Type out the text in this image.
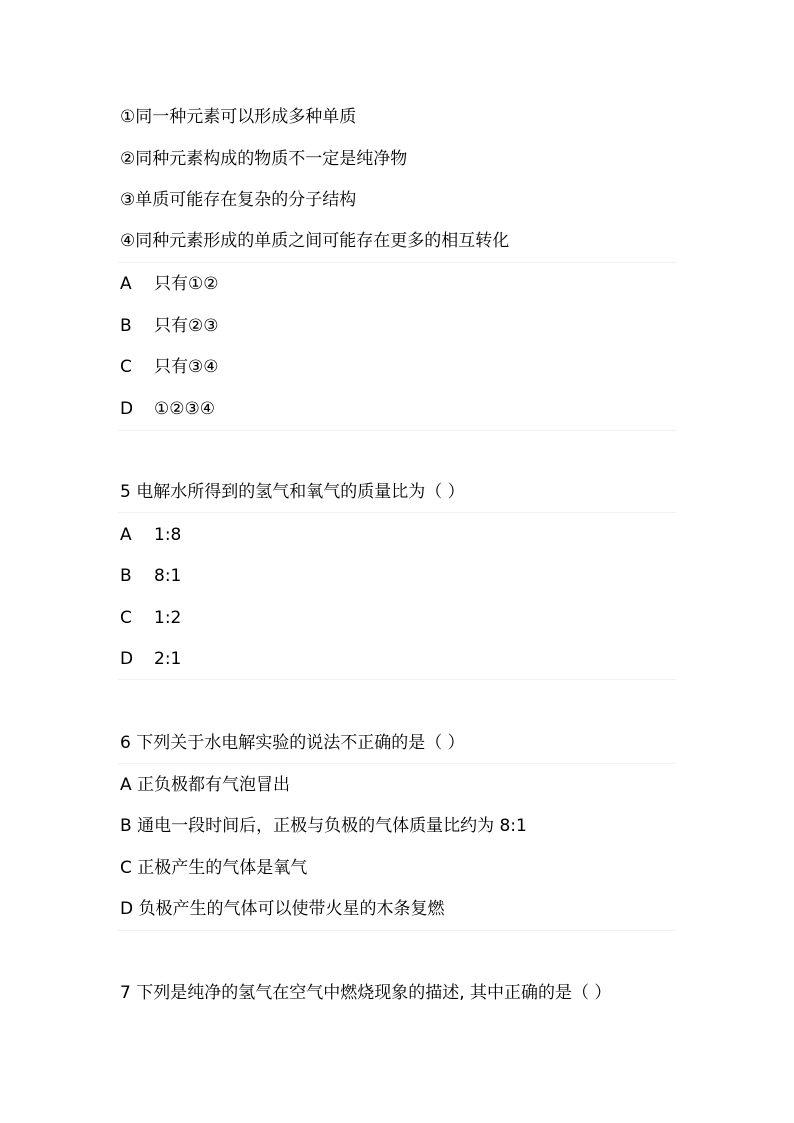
①同一种元素可以形成多种单质
②同种元素构成的物质不一定是纯净物
③单质可能存在复杂的分子结构
④同种元素形成的单质之间可能存在更多的相互转化
A 只有①②
B 只有②③
C 只有③④
D ①②③④
5 电解水所得到的氢气和氧气的质量比为（ ）
A 1:8
B 8:1
C 1:2
D 2:1
6 下列关于水电解实验的说法不正确的是（ ）
A 正负极都有气泡冒出
B 通电一段时间后，正极与负极的气体质量比约为 8:1
C 正极产生的气体是氧气
D 负极产生的气体可以使带火星的木条复燃
7 下列是纯净的氢气在空气中燃烧现象的描述, 其中正确的是（ ）
